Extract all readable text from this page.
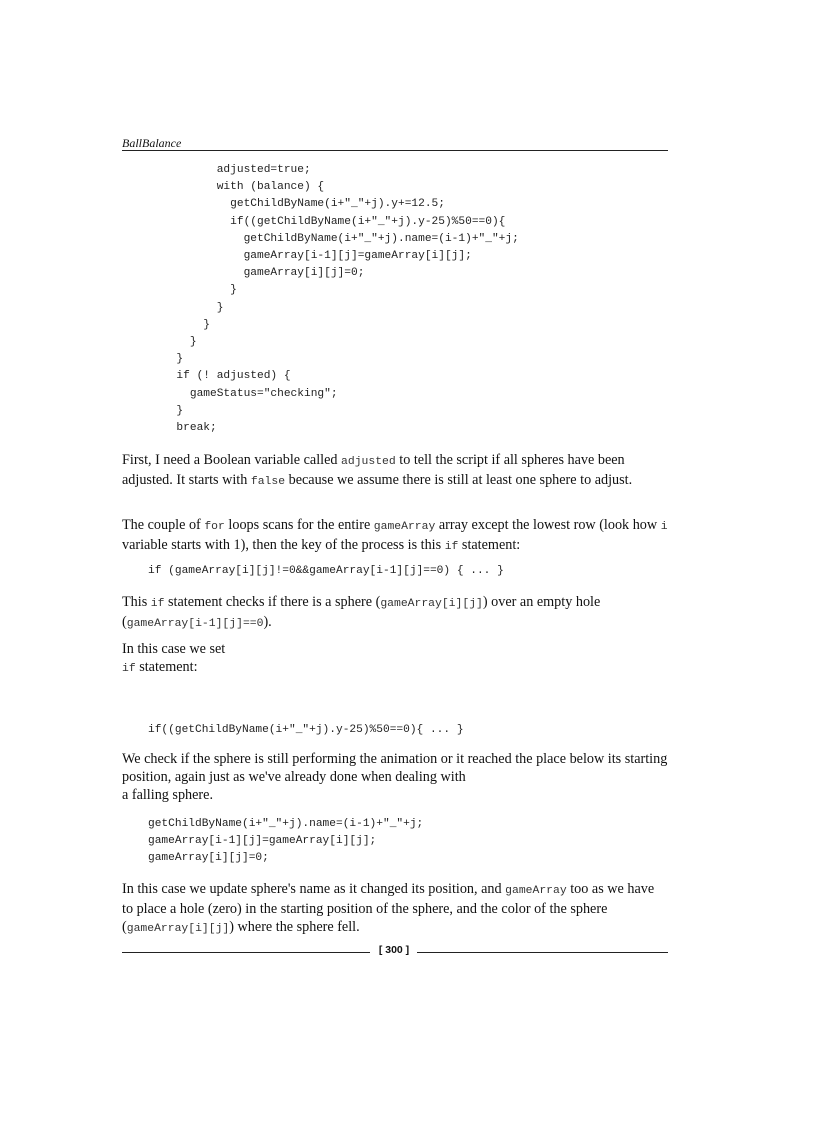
BallBalance
adjusted=true;
with (balance) {
getChildByName(i+"_"+j).y+=12.5;
if((getChildByName(i+"_"+j).y-25)%50==0){
getChildByName(i+"_"+j).name=(i-1)+"_"+j;
gameArray[i-1][j]=gameArray[i][j];
gameArray[i][j]=0;
}
}
}
}
}
if (! adjusted) {
gameStatus="checking";
}
break;

First, I need a Boolean variable called adjusted to tell the script if all spheres have been adjusted. It starts with false because we assume there is still at least one sphere to adjust.

The couple of for loops scans for the entire gameArray array except the lowest row (look how i variable starts with 1), then the key of the process is this if statement:

if (gameArray[i][j]!=0&&gameArray[i-1][j]==0) { ... }

This if statement checks if there is a sphere (gameArray[i][j]) over an empty hole (gameArray[i-1][j]==0).

In this case we set
if statement:

if((getChildByName(i+"_"+j).y-25)%50==0){ ... }

We check if the sphere is still performing the animation or it reached the place below its starting position, again just as we've already done when dealing with
a falling sphere.

getChildByName(i+"_"+j).name=(i-1)+"_"+j;
gameArray[i-1][j]=gameArray[i][j];
gameArray[i][j]=0;

In this case we update sphere's name as it changed its position, and gameArray too as we have to place a hole (zero) in the starting position of the sphere, and the color of the sphere (gameArray[i][j]) where the sphere fell.

[ 300 ]
